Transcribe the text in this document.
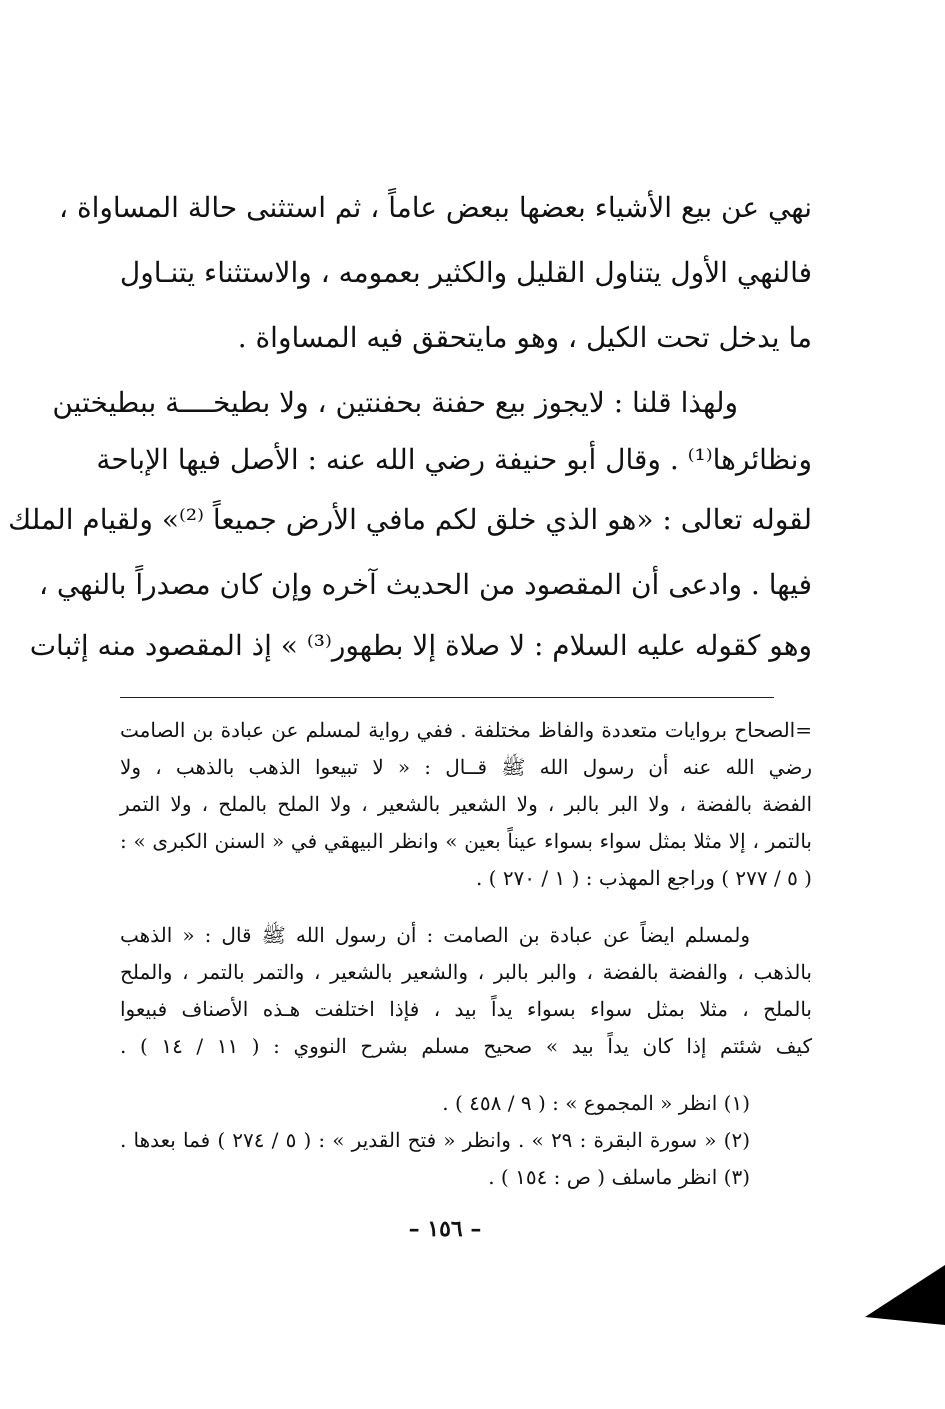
نهي عن بيع الأشياء بعضها ببعض عاماً ، ثم استثنى حالة المساواة ،
فالنهي الأول يتناول القليل والكثير بعمومه ، والاستثناء يتنـاول
ما يدخل تحت الكيل ، وهو مايتحقق فيه المساواة .
ولهذا قلنا : لايجوز بيع حفنة بحفنتين ، ولا بطيخــــة ببطيختين
ونظائرها⁽¹⁾ . وقال أبو حنيفة رضي الله عنه : الأصل فيها الإباحة
لقوله تعالى : «هو الذي خلق لكم مافي الأرض جميعاً ⁽²⁾» ولقيام الملك
فيها . وادعى أن المقصود من الحديث آخره وإن كان مصدراً بالنهي ،
وهو كقوله عليه السلام : لا صلاة إلا بطهور⁽³⁾ » إذ المقصود منه إثبات
=الصحاح بروايات متعددة والفاظ مختلفة . ففي رواية لمسلم عن عبادة بن الصامت
رضي الله عنه أن رسول الله ﷺ قــال : « لا تبيعوا الذهب بالذهب ، ولا
الفضة بالفضة ، ولا البر بالبر ، ولا الشعير بالشعير ، ولا الملح بالملح ، ولا التمر
بالتمر ، إلا مثلا بمثل سواء بسواء عيناً بعين » وانظر البيهقي في « السنن الكبرى » :
( ٥ / ٢٧٧ ) وراجع المهذب : ( ١ / ٢٧٠ ) .
ولمسلم ايضاً عن عبادة بن الصامت : أن رسول الله ﷺ قال : « الذهب
بالذهب ، والفضة بالفضة ، والبر بالبر ، والشعير بالشعير ، والتمر بالتمر ، والملح
بالملح ، مثلا بمثل سواء بسواء يداً بيد ، فإذا اختلفت هـذه الأصناف فبيعوا
كيف شئتم إذا كان يداً بيد » صحيح مسلم بشرح النووي : ( ١١ / ١٤ ) .
(١) انظر « المجموع » : ( ٩ / ٤٥٨ ) .
(٢) « سورة البقرة : ٢٩ » . وانظر « فتح القدير » : ( ٥ / ٢٧٤ ) فما بعدها .
(٣) انظر ماسلف ( ص : ١٥٤ ) .
– ١٥٦ –
